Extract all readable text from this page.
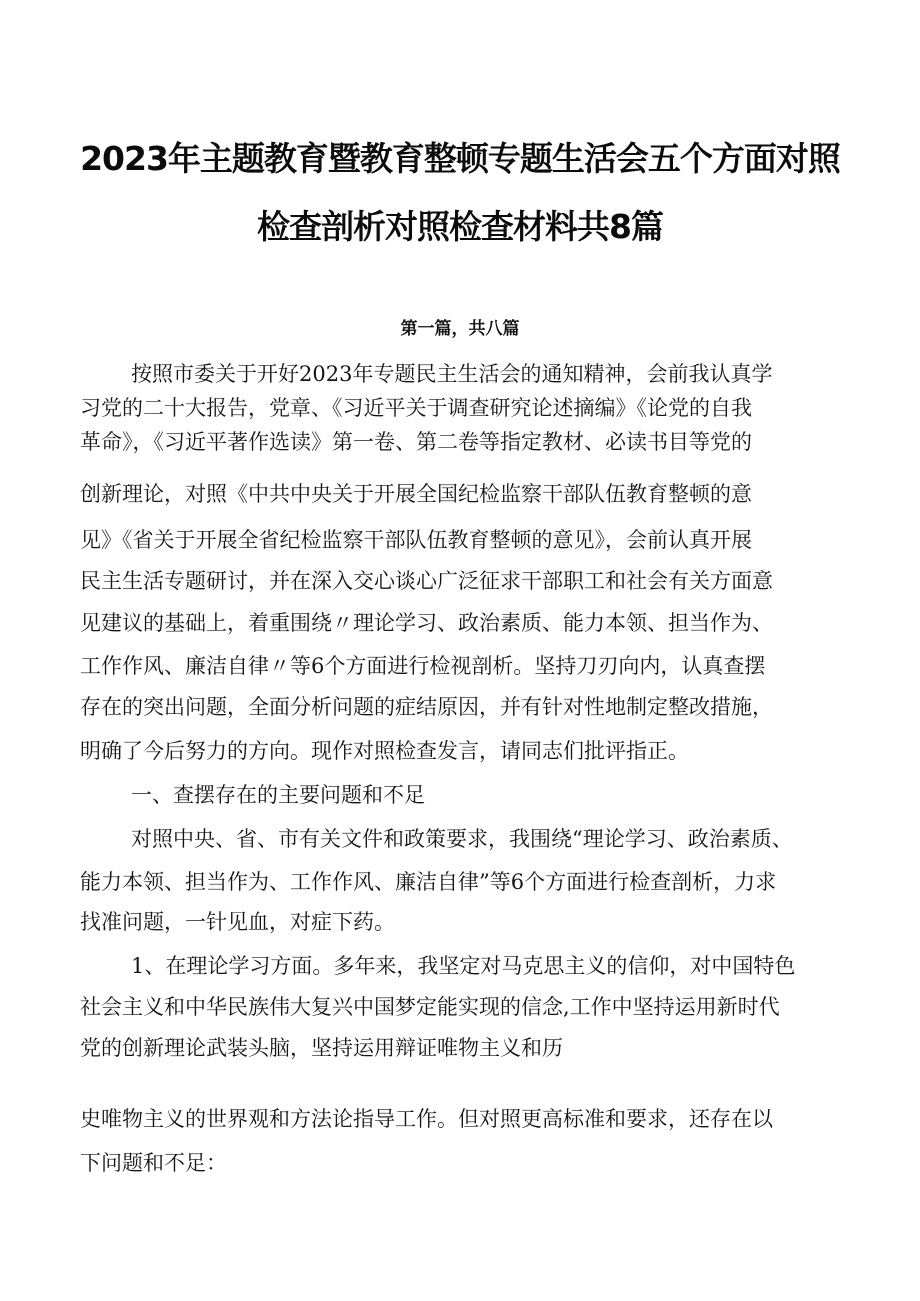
2023年主题教育暨教育整顿专题生活会五个方面对照
检查剖析对照检查材料共8篇
第一篇，共八篇
按照市委关于开好2023年专题民主生活会的通知精神，会前我认真学
习党的二十大报告，党章、《习近平关于调查研究论述摘编》《论党的自我
革命》，《习近平著作选读》第一卷、第二卷等指定教材、必读书目等党的
创新理论，对照《中共中央关于开展全国纪检监察干部队伍教育整顿的意
见》《省关于开展全省纪检监察干部队伍教育整顿的意见》，会前认真开展
民主生活专题研讨，并在深入交心谈心广泛征求干部职工和社会有关方面意
见建议的基础上，着重围绕〃理论学习、政治素质、能力本领、担当作为、
工作作风、廉洁自律〃等6个方面进行检视剖析。坚持刀刃向内，认真查摆
存在的突出问题，全面分析问题的症结原因，并有针对性地制定整改措施，
明确了今后努力的方向。现作对照检查发言，请同志们批评指正。
一、查摆存在的主要问题和不足
对照中央、省、市有关文件和政策要求，我围绕“理论学习、政治素质、
能力本领、担当作为、工作作风、廉洁自律”等6个方面进行检查剖析，力求
找准问题，一针见血，对症下药。
1、在理论学习方面。多年来，我坚定对马克思主义的信仰，对中国特色
社会主义和中华民族伟大复兴中国梦定能实现的信念,工作中坚持运用新时代
党的创新理论武装头脑，坚持运用辩证唯物主义和历
史唯物主义的世界观和方法论指导工作。但对照更高标准和要求，还存在以
下问题和不足：
